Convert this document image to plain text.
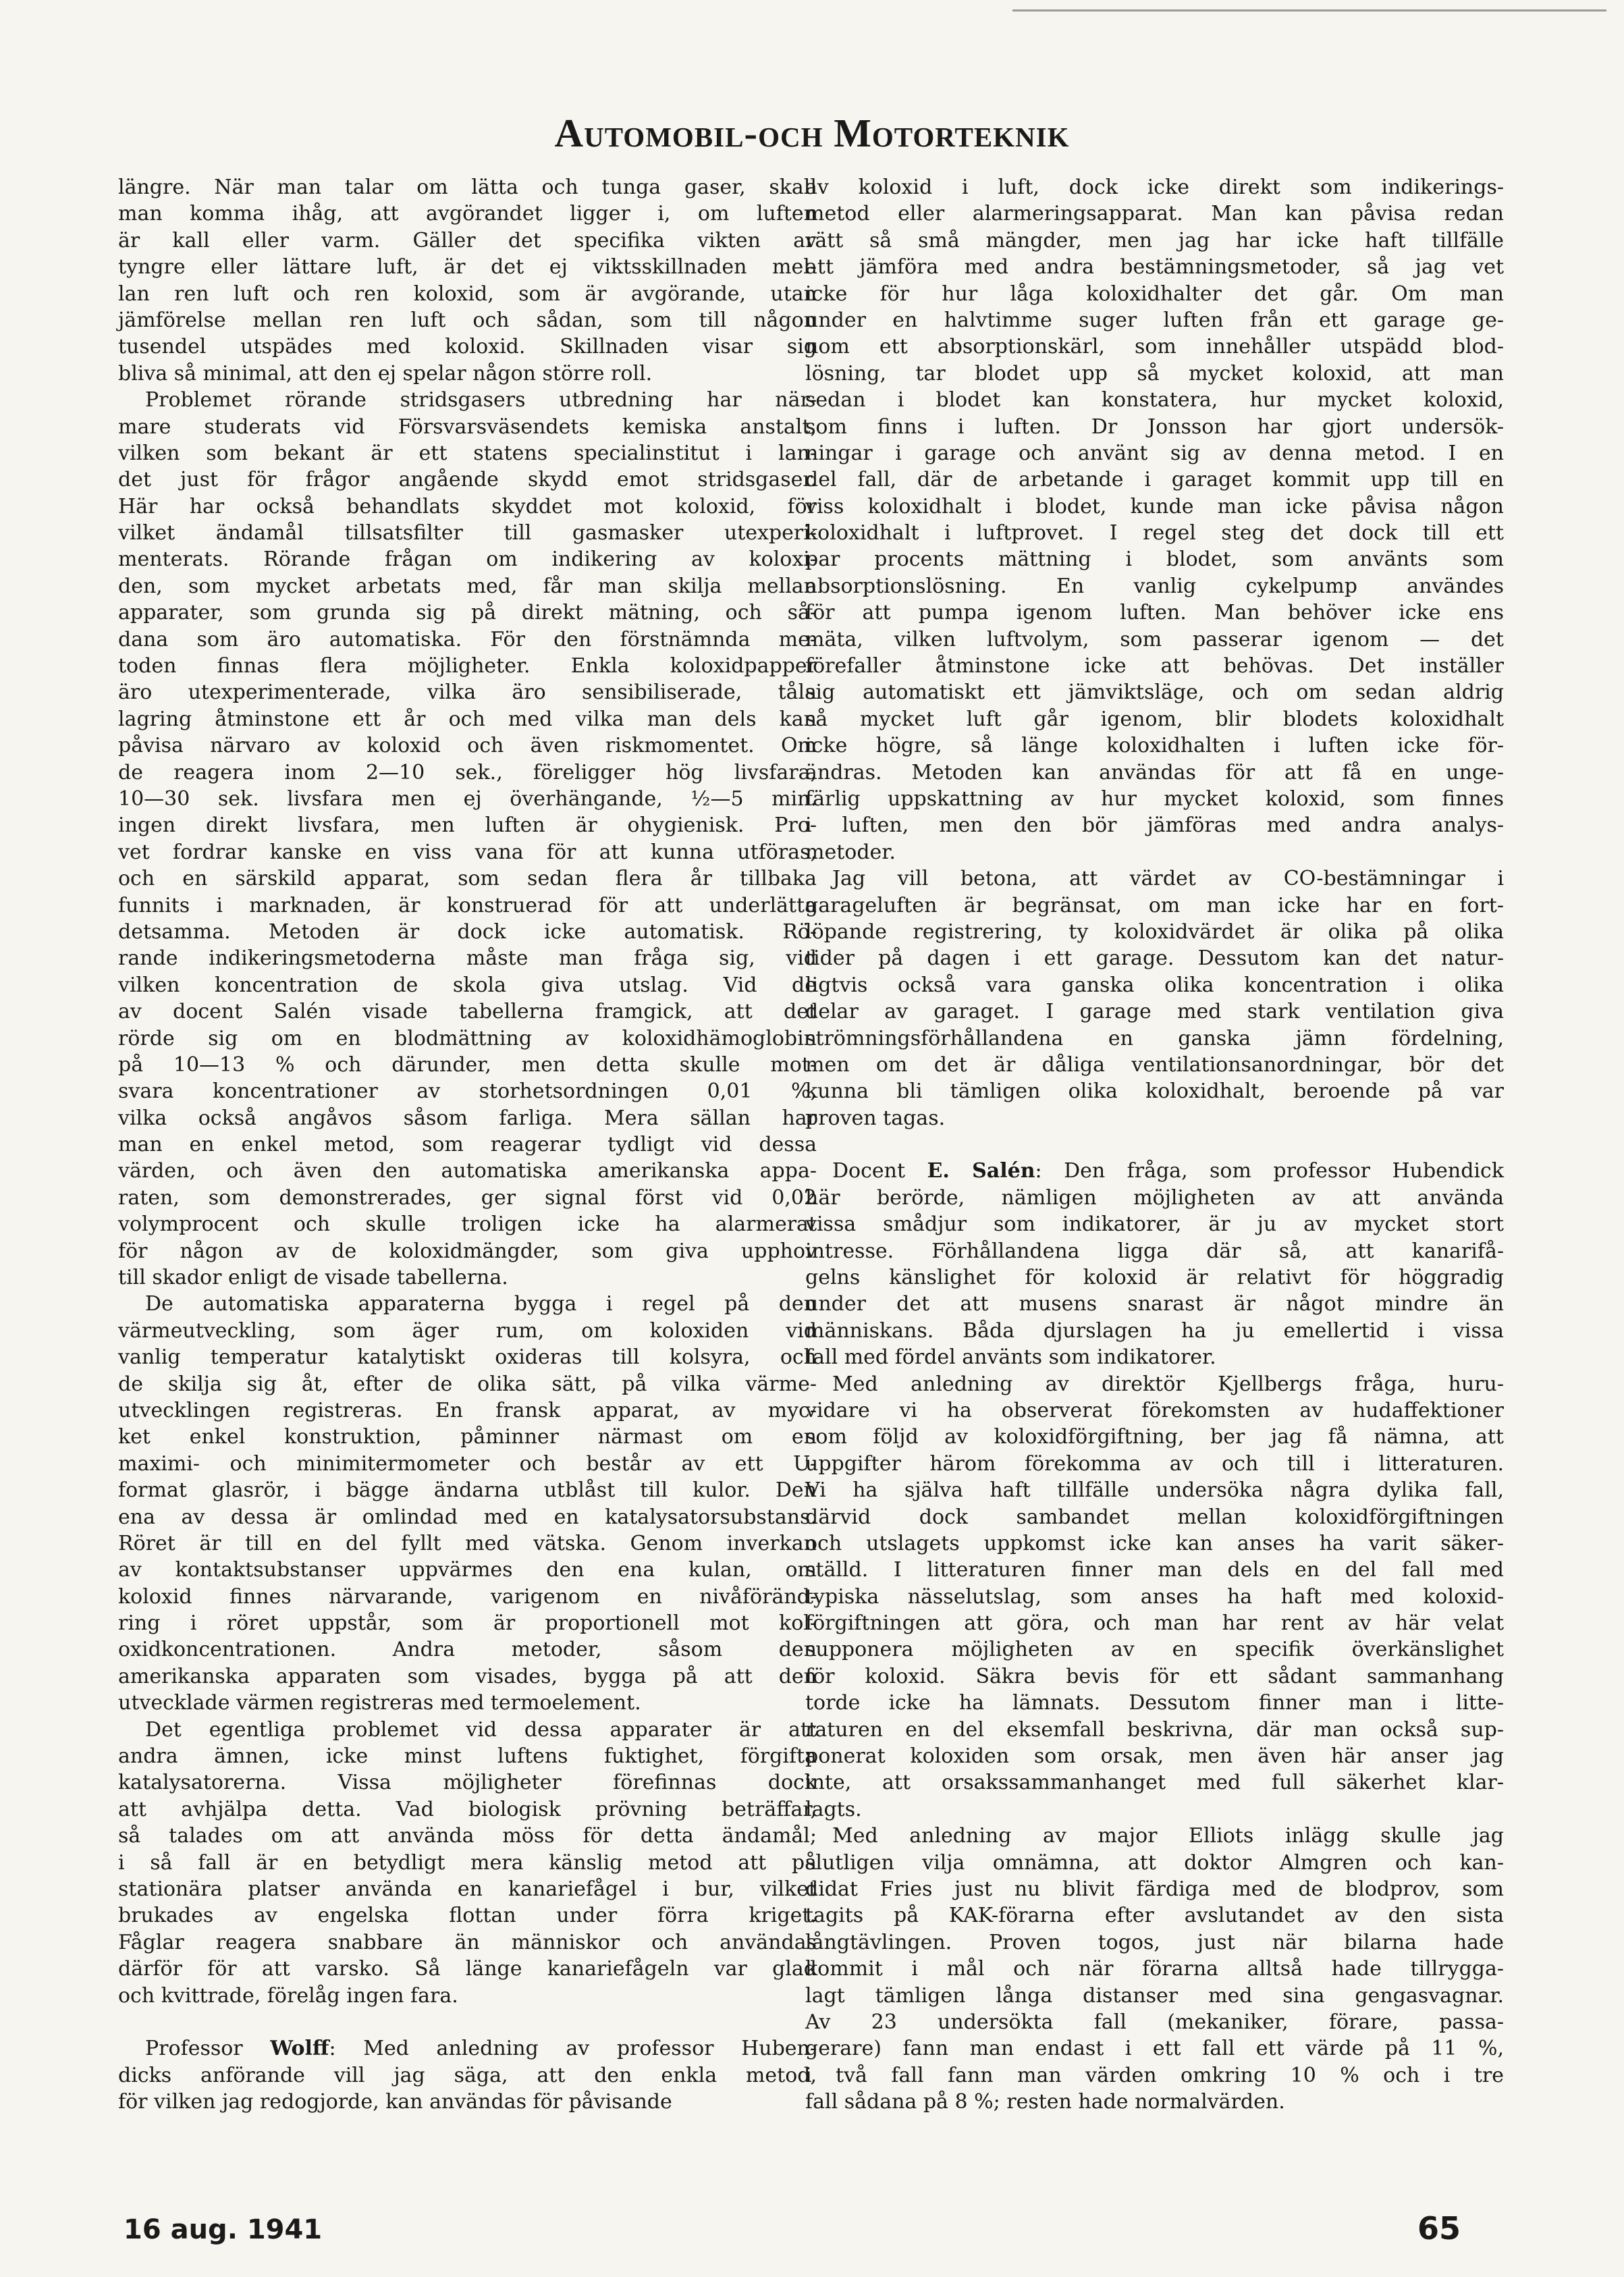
Automobil-och Motorteknik
längre. När man talar om lätta och tunga gaser, skall
man komma ihåg, att avgörandet ligger i, om luften
är kall eller varm. Gäller det specifika vikten av
tyngre eller lättare luft, är det ej viktsskillnaden mel-
lan ren luft och ren koloxid, som är avgörande, utan
jämförelse mellan ren luft och sådan, som till någon
tusendel utspädes med koloxid. Skillnaden visar sig
bliva så minimal, att den ej spelar någon större roll.
Problemet rörande stridsgasers utbredning har när-
mare studerats vid Försvarsväsendets kemiska anstalt,
vilken som bekant är ett statens specialinstitut i lan-
det just för frågor angående skydd emot stridsgaser.
Här har också behandlats skyddet mot koloxid, för
vilket ändamål tillsatsfilter till gasmasker utexperi-
menterats. Rörande frågan om indikering av koloxi-
den, som mycket arbetats med, får man skilja mellan
apparater, som grunda sig på direkt mätning, och så-
dana som äro automatiska. För den förstnämnda me-
toden finnas flera möjligheter. Enkla koloxidpapper
äro utexperimenterade, vilka äro sensibiliserade, tåla
lagring åtminstone ett år och med vilka man dels kan
påvisa närvaro av koloxid och även riskmomentet. Om
de reagera inom 2—10 sek., föreligger hög livsfara,
10—30 sek. livsfara men ej överhängande, ½—5 min.
ingen direkt livsfara, men luften är ohygienisk. Pro-
vet fordrar kanske en viss vana för att kunna utföras,
och en särskild apparat, som sedan flera år tillbaka
funnits i marknaden, är konstruerad för att underlätta
detsamma. Metoden är dock icke automatisk. Rö-
rande indikeringsmetoderna måste man fråga sig, vid
vilken koncentration de skola giva utslag. Vid de
av docent Salén visade tabellerna framgick, att det
rörde sig om en blodmättning av koloxidhämoglobin
på 10—13 % och därunder, men detta skulle mot-
svara koncentrationer av storhetsordningen 0,01 %,
vilka också angåvos såsom farliga. Mera sällan har
man en enkel metod, som reagerar tydligt vid dessa
värden, och även den automatiska amerikanska appa-
raten, som demonstrerades, ger signal först vid 0,02
volymprocent och skulle troligen icke ha alarmerat
för någon av de koloxidmängder, som giva upphov
till skador enligt de visade tabellerna.
De automatiska apparaterna bygga i regel på den
värmeutveckling, som äger rum, om koloxiden vid
vanlig temperatur katalytiskt oxideras till kolsyra, och
de skilja sig åt, efter de olika sätt, på vilka värme-
utvecklingen registreras. En fransk apparat, av myc-
ket enkel konstruktion, påminner närmast om en
maximi- och minimitermometer och består av ett U-
format glasrör, i bägge ändarna utblåst till kulor. Den
ena av dessa är omlindad med en katalysatorsubstans.
Röret är till en del fyllt med vätska. Genom inverkan
av kontaktsubstanser uppvärmes den ena kulan, om
koloxid finnes närvarande, varigenom en nivåföränd-
ring i röret uppstår, som är proportionell mot kol-
oxidkoncentrationen. Andra metoder, såsom den
amerikanska apparaten som visades, bygga på att den
utvecklade värmen registreras med termoelement.
Det egentliga problemet vid dessa apparater är att
andra ämnen, icke minst luftens fuktighet, förgifta
katalysatorerna. Vissa möjligheter förefinnas dock
att avhjälpa detta. Vad biologisk prövning beträffar,
så talades om att använda möss för detta ändamål;
i så fall är en betydligt mera känslig metod att på
stationära platser använda en kanariefågel i bur, vilket
brukades av engelska flottan under förra kriget.
Fåglar reagera snabbare än människor och användas
därför för att varsko. Så länge kanariefågeln var glad
och kvittrade, förelåg ingen fara.
Professor Wolff: Med anledning av professor Huben-
dicks anförande vill jag säga, att den enkla metod,
för vilken jag redogjorde, kan användas för påvisande
av koloxid i luft, dock icke direkt som indikerings-
metod eller alarmeringsapparat. Man kan påvisa redan
rätt så små mängder, men jag har icke haft tillfälle
att jämföra med andra bestämningsmetoder, så jag vet
icke för hur låga koloxidhalter det går. Om man
under en halvtimme suger luften från ett garage ge-
nom ett absorptionskärl, som innehåller utspädd blod-
lösning, tar blodet upp så mycket koloxid, att man
sedan i blodet kan konstatera, hur mycket koloxid,
som finns i luften. Dr Jonsson har gjort undersök-
ningar i garage och använt sig av denna metod. I en
del fall, där de arbetande i garaget kommit upp till en
viss koloxidhalt i blodet, kunde man icke påvisa någon
koloxidhalt i luftprovet. I regel steg det dock till ett
par procents mättning i blodet, som använts som
absorptionslösning. En vanlig cykelpump användes
för att pumpa igenom luften. Man behöver icke ens
mäta, vilken luftvolym, som passerar igenom — det
förefaller åtminstone icke att behövas. Det inställer
sig automatiskt ett jämviktsläge, och om sedan aldrig
så mycket luft går igenom, blir blodets koloxidhalt
icke högre, så länge koloxidhalten i luften icke för-
ändras. Metoden kan användas för att få en unge-
färlig uppskattning av hur mycket koloxid, som finnes
i luften, men den bör jämföras med andra analys-
metoder.
Jag vill betona, att värdet av CO-bestämningar i
garageluften är begränsat, om man icke har en fort-
löpande registrering, ty koloxidvärdet är olika på olika
tider på dagen i ett garage. Dessutom kan det natur-
ligtvis också vara ganska olika koncentration i olika
delar av garaget. I garage med stark ventilation giva
strömningsförhållandena en ganska jämn fördelning,
men om det är dåliga ventilationsanordningar, bör det
kunna bli tämligen olika koloxidhalt, beroende på var
proven tagas.
Docent E. Salén: Den fråga, som professor Hubendick
här berörde, nämligen möjligheten av att använda
vissa smådjur som indikatorer, är ju av mycket stort
intresse. Förhållandena ligga där så, att kanarifå-
gelns känslighet för koloxid är relativt för höggradig
under det att musens snarast är något mindre än
människans. Båda djurslagen ha ju emellertid i vissa
fall med fördel använts som indikatorer.
Med anledning av direktör Kjellbergs fråga, huru-
vidare vi ha observerat förekomsten av hudaffektioner
som följd av koloxidförgiftning, ber jag få nämna, att
uppgifter härom förekomma av och till i litteraturen.
Vi ha själva haft tillfälle undersöka några dylika fall,
därvid dock sambandet mellan koloxidförgiftningen
och utslagets uppkomst icke kan anses ha varit säker-
ställd. I litteraturen finner man dels en del fall med
typiska nässelutslag, som anses ha haft med koloxid-
förgiftningen att göra, och man har rent av här velat
supponera möjligheten av en specifik överkänslighet
för koloxid. Säkra bevis för ett sådant sammanhang
torde icke ha lämnats. Dessutom finner man i litte-
raturen en del eksemfall beskrivna, där man också sup-
ponerat koloxiden som orsak, men även här anser jag
inte, att orsakssammanhanget med full säkerhet klar-
lagts.
Med anledning av major Elliots inlägg skulle jag
slutligen vilja omnämna, att doktor Almgren och kan-
didat Fries just nu blivit färdiga med de blodprov, som
tagits på KAK-förarna efter avslutandet av den sista
långtävlingen. Proven togos, just när bilarna hade
kommit i mål och när förarna alltså hade tillrygga-
lagt tämligen långa distanser med sina gengasvagnar.
Av 23 undersökta fall (mekaniker, förare, passa-
gerare) fann man endast i ett fall ett värde på 11 %,
i två fall fann man värden omkring 10 % och i tre
fall sådana på 8 %; resten hade normalvärden.
16 aug. 1941	65
